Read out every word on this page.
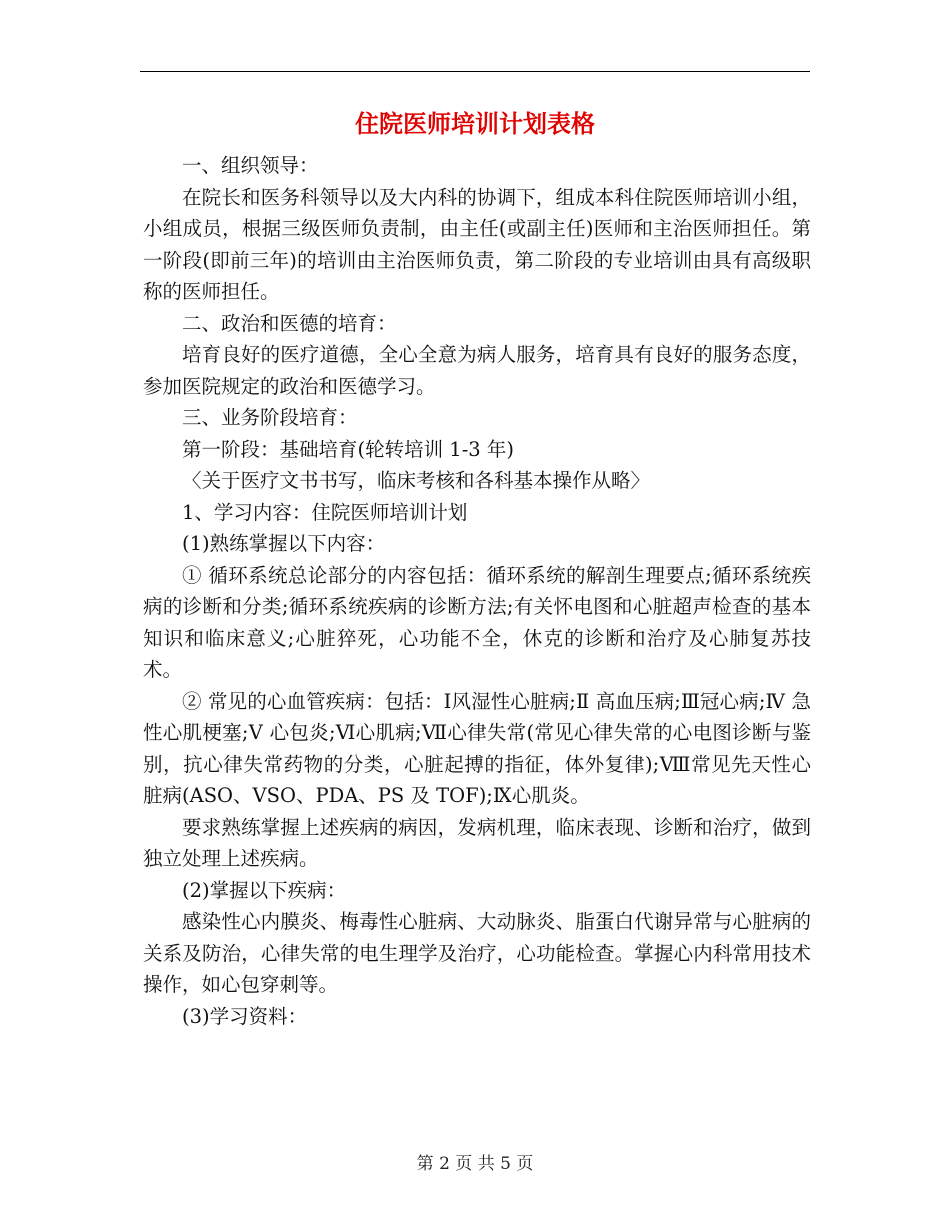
住院医师培训计划表格

一、组织领导：

在院长和医务科领导以及大内科的协调下，组成本科住院医师培训小组，小组成员，根据三级医师负责制，由主任(或副主任)医师和主治医师担任。第一阶段(即前三年)的培训由主治医师负责，第二阶段的专业培训由具有高级职称的医师担任。

二、政治和医德的培育：

培育良好的医疗道德，全心全意为病人服务，培育具有良好的服务态度，参加医院规定的政治和医德学习。

三、业务阶段培育：

第一阶段：基础培育(轮转培训 1-3 年)

〈关于医疗文书书写，临床考核和各科基本操作从略〉

1、学习内容：住院医师培训计划

(1)熟练掌握以下内容：

① 循环系统总论部分的内容包括：循环系统的解剖生理要点;循环系统疾病的诊断和分类;循环系统疾病的诊断方法;有关怀电图和心脏超声检查的基本知识和临床意义;心脏猝死，心功能不全，休克的诊断和治疗及心肺复苏技术。

② 常见的心血管疾病：包括：Ⅰ风湿性心脏病;Ⅱ 高血压病;Ⅲ冠心病;Ⅳ 急性心肌梗塞;Ⅴ 心包炎;Ⅵ心肌病;Ⅶ心律失常(常见心律失常的心电图诊断与鉴别，抗心律失常药物的分类，心脏起搏的指征，体外复律);Ⅷ常见先天性心脏病(ASO、VSO、PDA、PS 及 TOF);Ⅸ心肌炎。

要求熟练掌握上述疾病的病因，发病机理，临床表现、诊断和治疗，做到独立处理上述疾病。

(2)掌握以下疾病：

感染性心内膜炎、梅毒性心脏病、大动脉炎、脂蛋白代谢异常与心脏病的关系及防治，心律失常的电生理学及治疗，心功能检查。掌握心内科常用技术操作，如心包穿刺等。

(3)学习资料：

第 2 页 共 5 页
